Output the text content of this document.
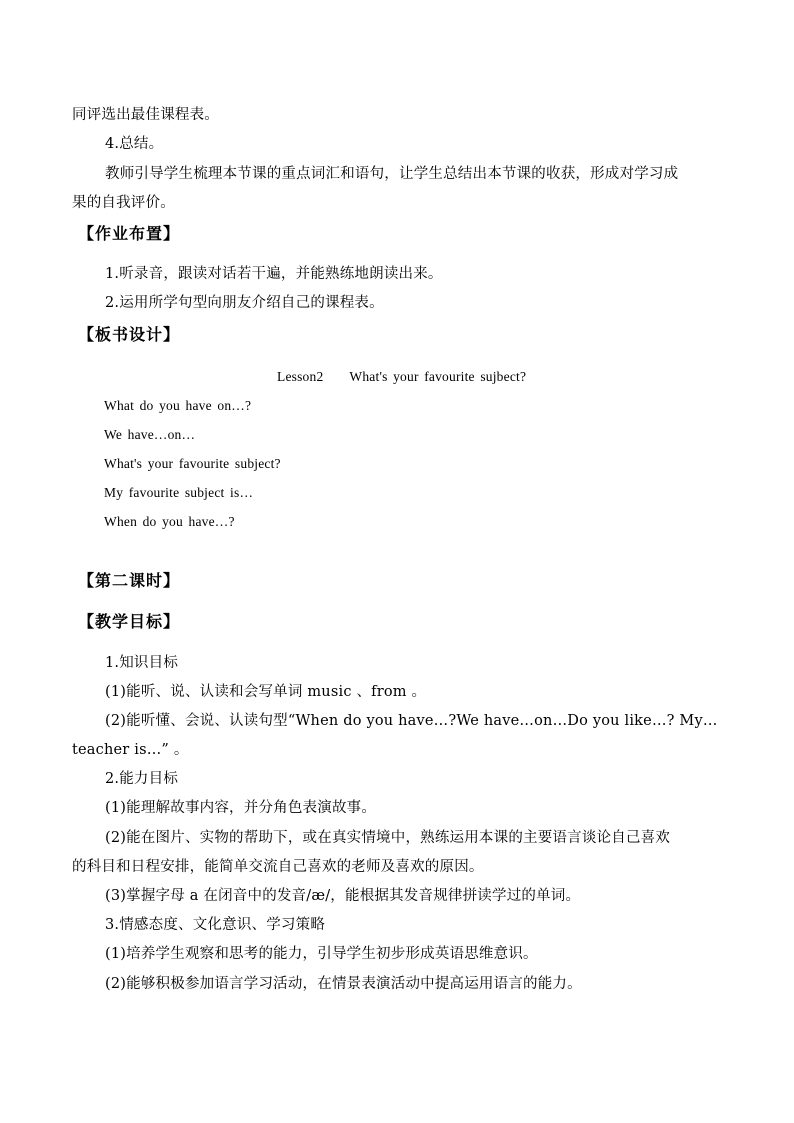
同评选出最佳课程表。
4.总结。
教师引导学生梳理本节课的重点词汇和语句，让学生总结出本节课的收获，形成对学习成
果的自我评价。
【作业布置】
1.听录音，跟读对话若干遍，并能熟练地朗读出来。
2.运用所学句型向朋友介绍自己的课程表。
【板书设计】
Lesson2 What's your favourite sujbect?
What do you have on…?
We have…on…
What's your favourite subject?
My favourite subject is…
When do you have…?
【第二课时】
【教学目标】
1.知识目标
(1)能听、说、认读和会写单词 music 、from 。
(2)能听懂、会说、认读句型“When do you have…?We have…on…Do you like…? My…
teacher is…” 。
2.能力目标
(1)能理解故事内容，并分角色表演故事。
(2)能在图片、实物的帮助下，或在真实情境中，熟练运用本课的主要语言谈论自己喜欢
的科目和日程安排，能简单交流自己喜欢的老师及喜欢的原因。
(3)掌握字母 a 在闭音中的发音/æ/，能根据其发音规律拼读学过的单词。
3.情感态度、文化意识、学习策略
(1)培养学生观察和思考的能力，引导学生初步形成英语思维意识。
(2)能够积极参加语言学习活动，在情景表演活动中提高运用语言的能力。
